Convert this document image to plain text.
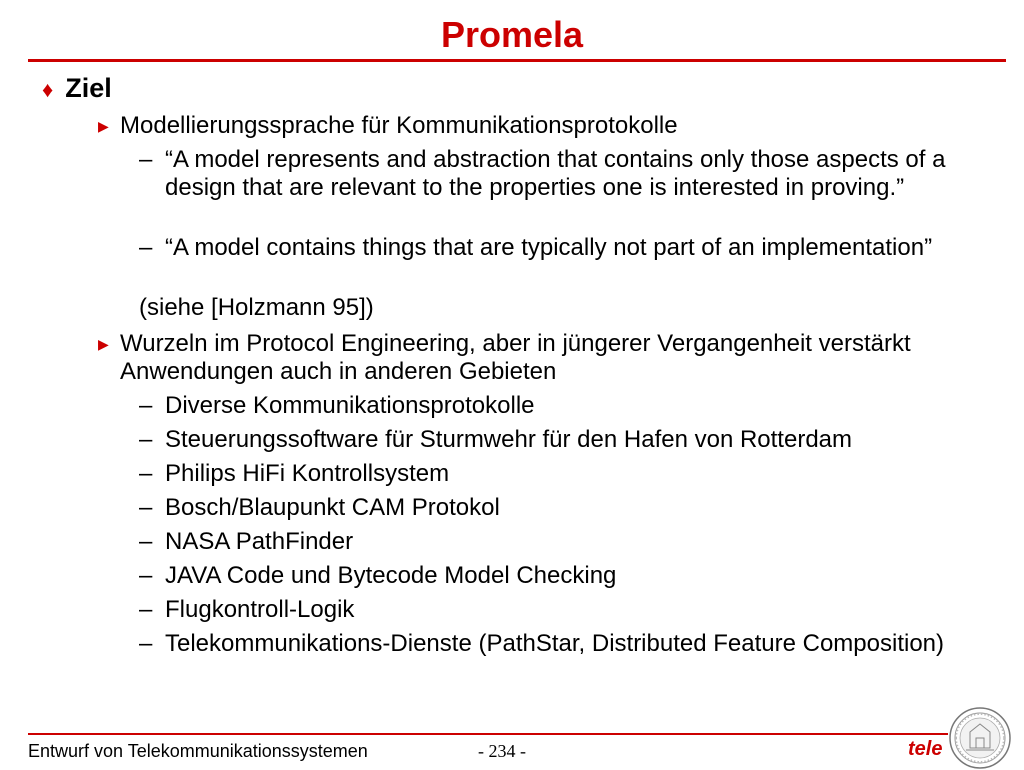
Promela
♦ Ziel
▶ Modellierungssprache für Kommunikationsprotokolle
– “A model represents and abstraction that contains only those aspects of a design that are relevant to the properties one is interested in proving.”
– “A model contains things that are typically not part of an implementation”
(siehe [Holzmann 95])
▶ Wurzeln im Protocol Engineering, aber in jüngerer Vergangenheit verstärkt Anwendungen auch in anderen Gebieten
– Diverse Kommunikationsprotokolle
– Steuerungssoftware für Sturmwehr für den Hafen von Rotterdam
– Philips HiFi Kontrollsystem
– Bosch/Blaupunkt CAM Protokol
– NASA PathFinder
– JAVA Code und Bytecode Model Checking
– Flugkontroll-Logik
– Telekommunikations-Dienste (PathStar, Distributed Feature Composition)
Entwurf von Telekommunikationssystemen	- 234 -	tele
